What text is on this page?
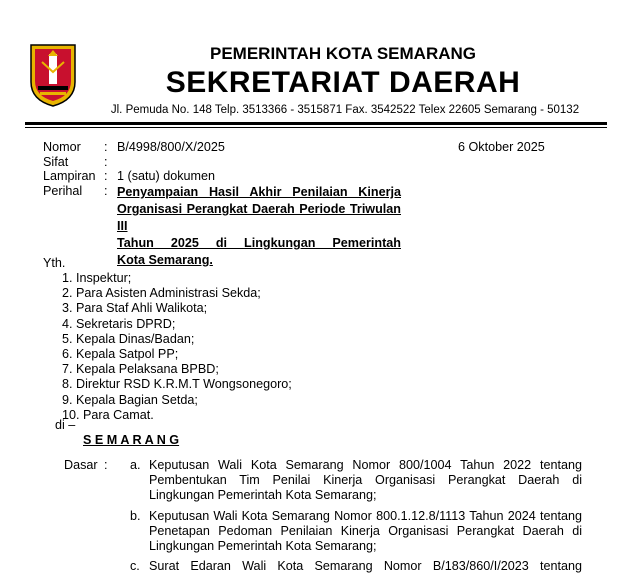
PEMERINTAH KOTA SEMARANG
SEKRETARIAT DAERAH
Jl. Pemuda No. 148 Telp. 3513366 - 3515871 Fax. 3542522 Telex 22605 Semarang - 50132
Nomor : B/4998/800/X/2025	6 Oktober 2025
Sifat	:
Lampiran : 1 (satu) dokumen
Perihal : Penyampaian Hasil Akhir Penilaian Kinerja
Organisasi Perangkat Daerah Periode Triwulan III
Tahun 2025 di Lingkungan Pemerintah
Kota Semarang.
Yth.
1. Inspektur;
2. Para Asisten Administrasi Sekda;
3. Para Staf Ahli Walikota;
4. Sekretaris DPRD;
5. Kepala Dinas/Badan;
6. Kepala Satpol PP;
7. Kepala Pelaksana BPBD;
8. Direktur RSD K.R.M.T Wongsonegoro;
9. Kepala Bagian Setda;
10. Para Camat.
di –
S E M A R A N G
Dasar : a. Keputusan Wali Kota Semarang Nomor 800/1004 Tahun 2022 tentang
Pembentukan Tim Penilai Kinerja Organisasi Perangkat Daerah di
Lingkungan Pemerintah Kota Semarang;
b. Keputusan Wali Kota Semarang Nomor 800.1.12.8/1113 Tahun 2024 tentang
Penetapan Pedoman Penilaian Kinerja Organisasi Perangkat Daerah di
Lingkungan Pemerintah Kota Semarang;
c. Surat Edaran Wali Kota Semarang Nomor B/183/860/I/2023 tentang
